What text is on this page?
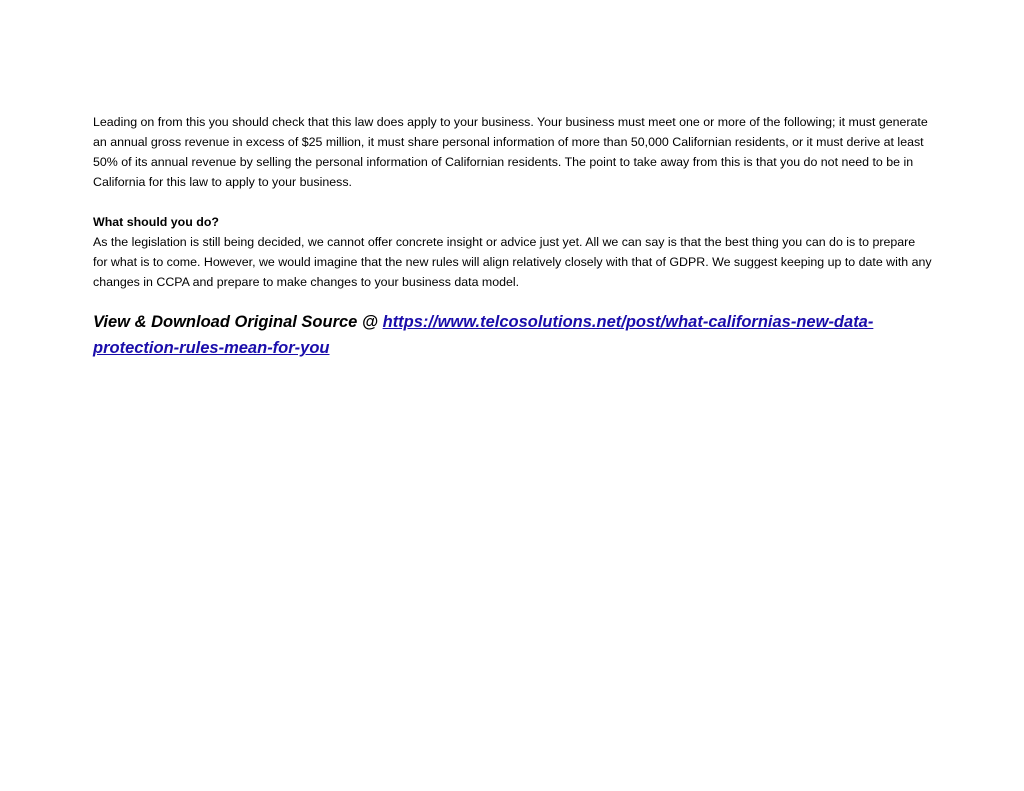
Leading on from this you should check that this law does apply to your business. Your business must meet one or more of the following; it must generate an annual gross revenue in excess of $25 million, it must share personal information of more than 50,000 Californian residents, or it must derive at least 50% of its annual revenue by selling the personal information of Californian residents. The point to take away from this is that you do not need to be in California for this law to apply to your business.

What should you do?

As the legislation is still being decided, we cannot offer concrete insight or advice just yet. All we can say is that the best thing you can do is to prepare for what is to come. However, we would imagine that the new rules will align relatively closely with that of GDPR. We suggest keeping up to date with any changes in CCPA and prepare to make changes to your business data model.

View & Download Original Source @ https://www.telcosolutions.net/post/what-californias-new-data-protection-rules-mean-for-you
